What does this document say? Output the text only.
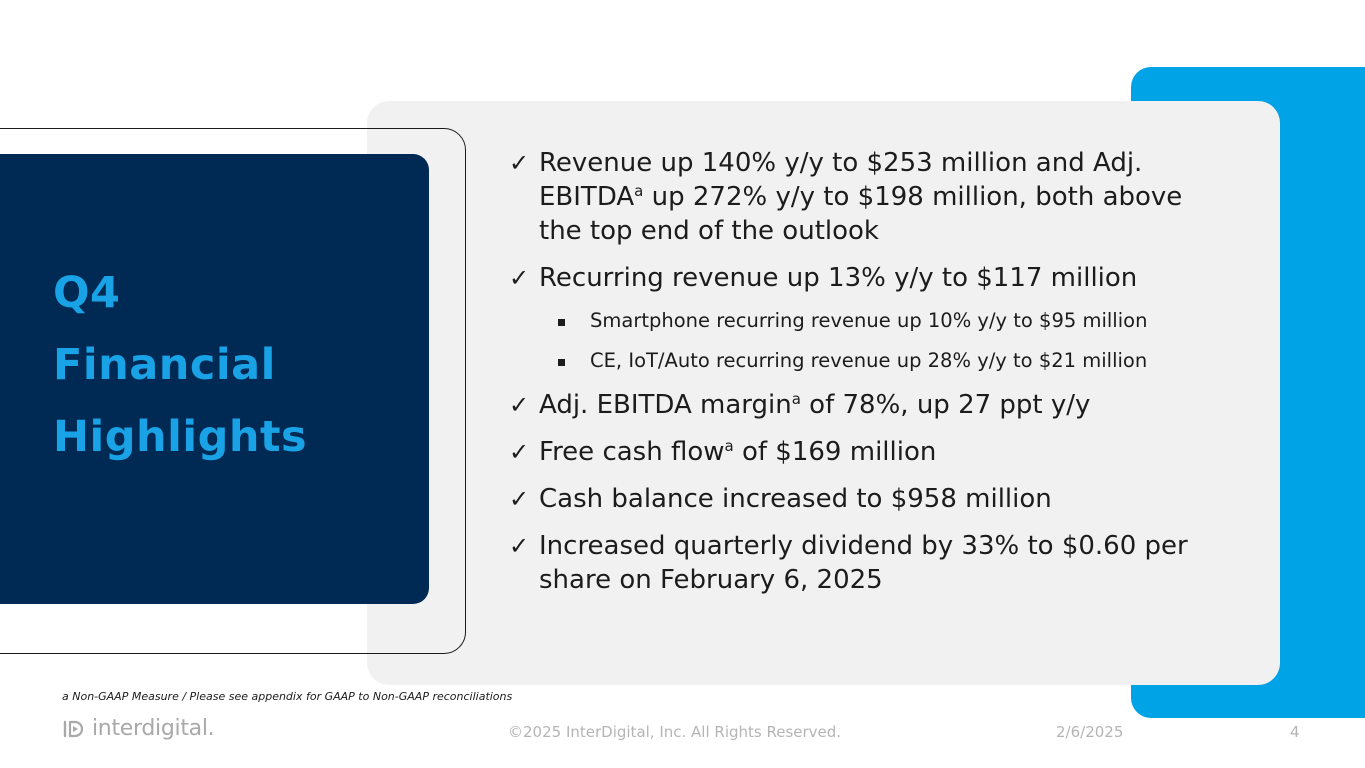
Q4
Financial
Highlights
✓ Revenue up 140% y/y to $253 million and Adj. EBITDA$^a$ up 272% y/y to $198 million, both above the top end of the outlook
✓ Recurring revenue up 13% y/y to $117 million
Smartphone recurring revenue up 10% y/y to $95 million
CE, IoT/Auto recurring revenue up 28% y/y to $21 million
✓ Adj. EBITDA margin$^a$ of 78%, up 27 ppt y/y
✓ Free cash flow$^a$ of $169 million
✓ Cash balance increased to $958 million
✓ Increased quarterly dividend by 33% to $0.60 per share on February 6, 2025
a Non-GAAP Measure / Please see appendix for GAAP to Non-GAAP reconciliations
interdigital.	©2025 InterDigital, Inc. All Rights Reserved.	2/6/2025	4
